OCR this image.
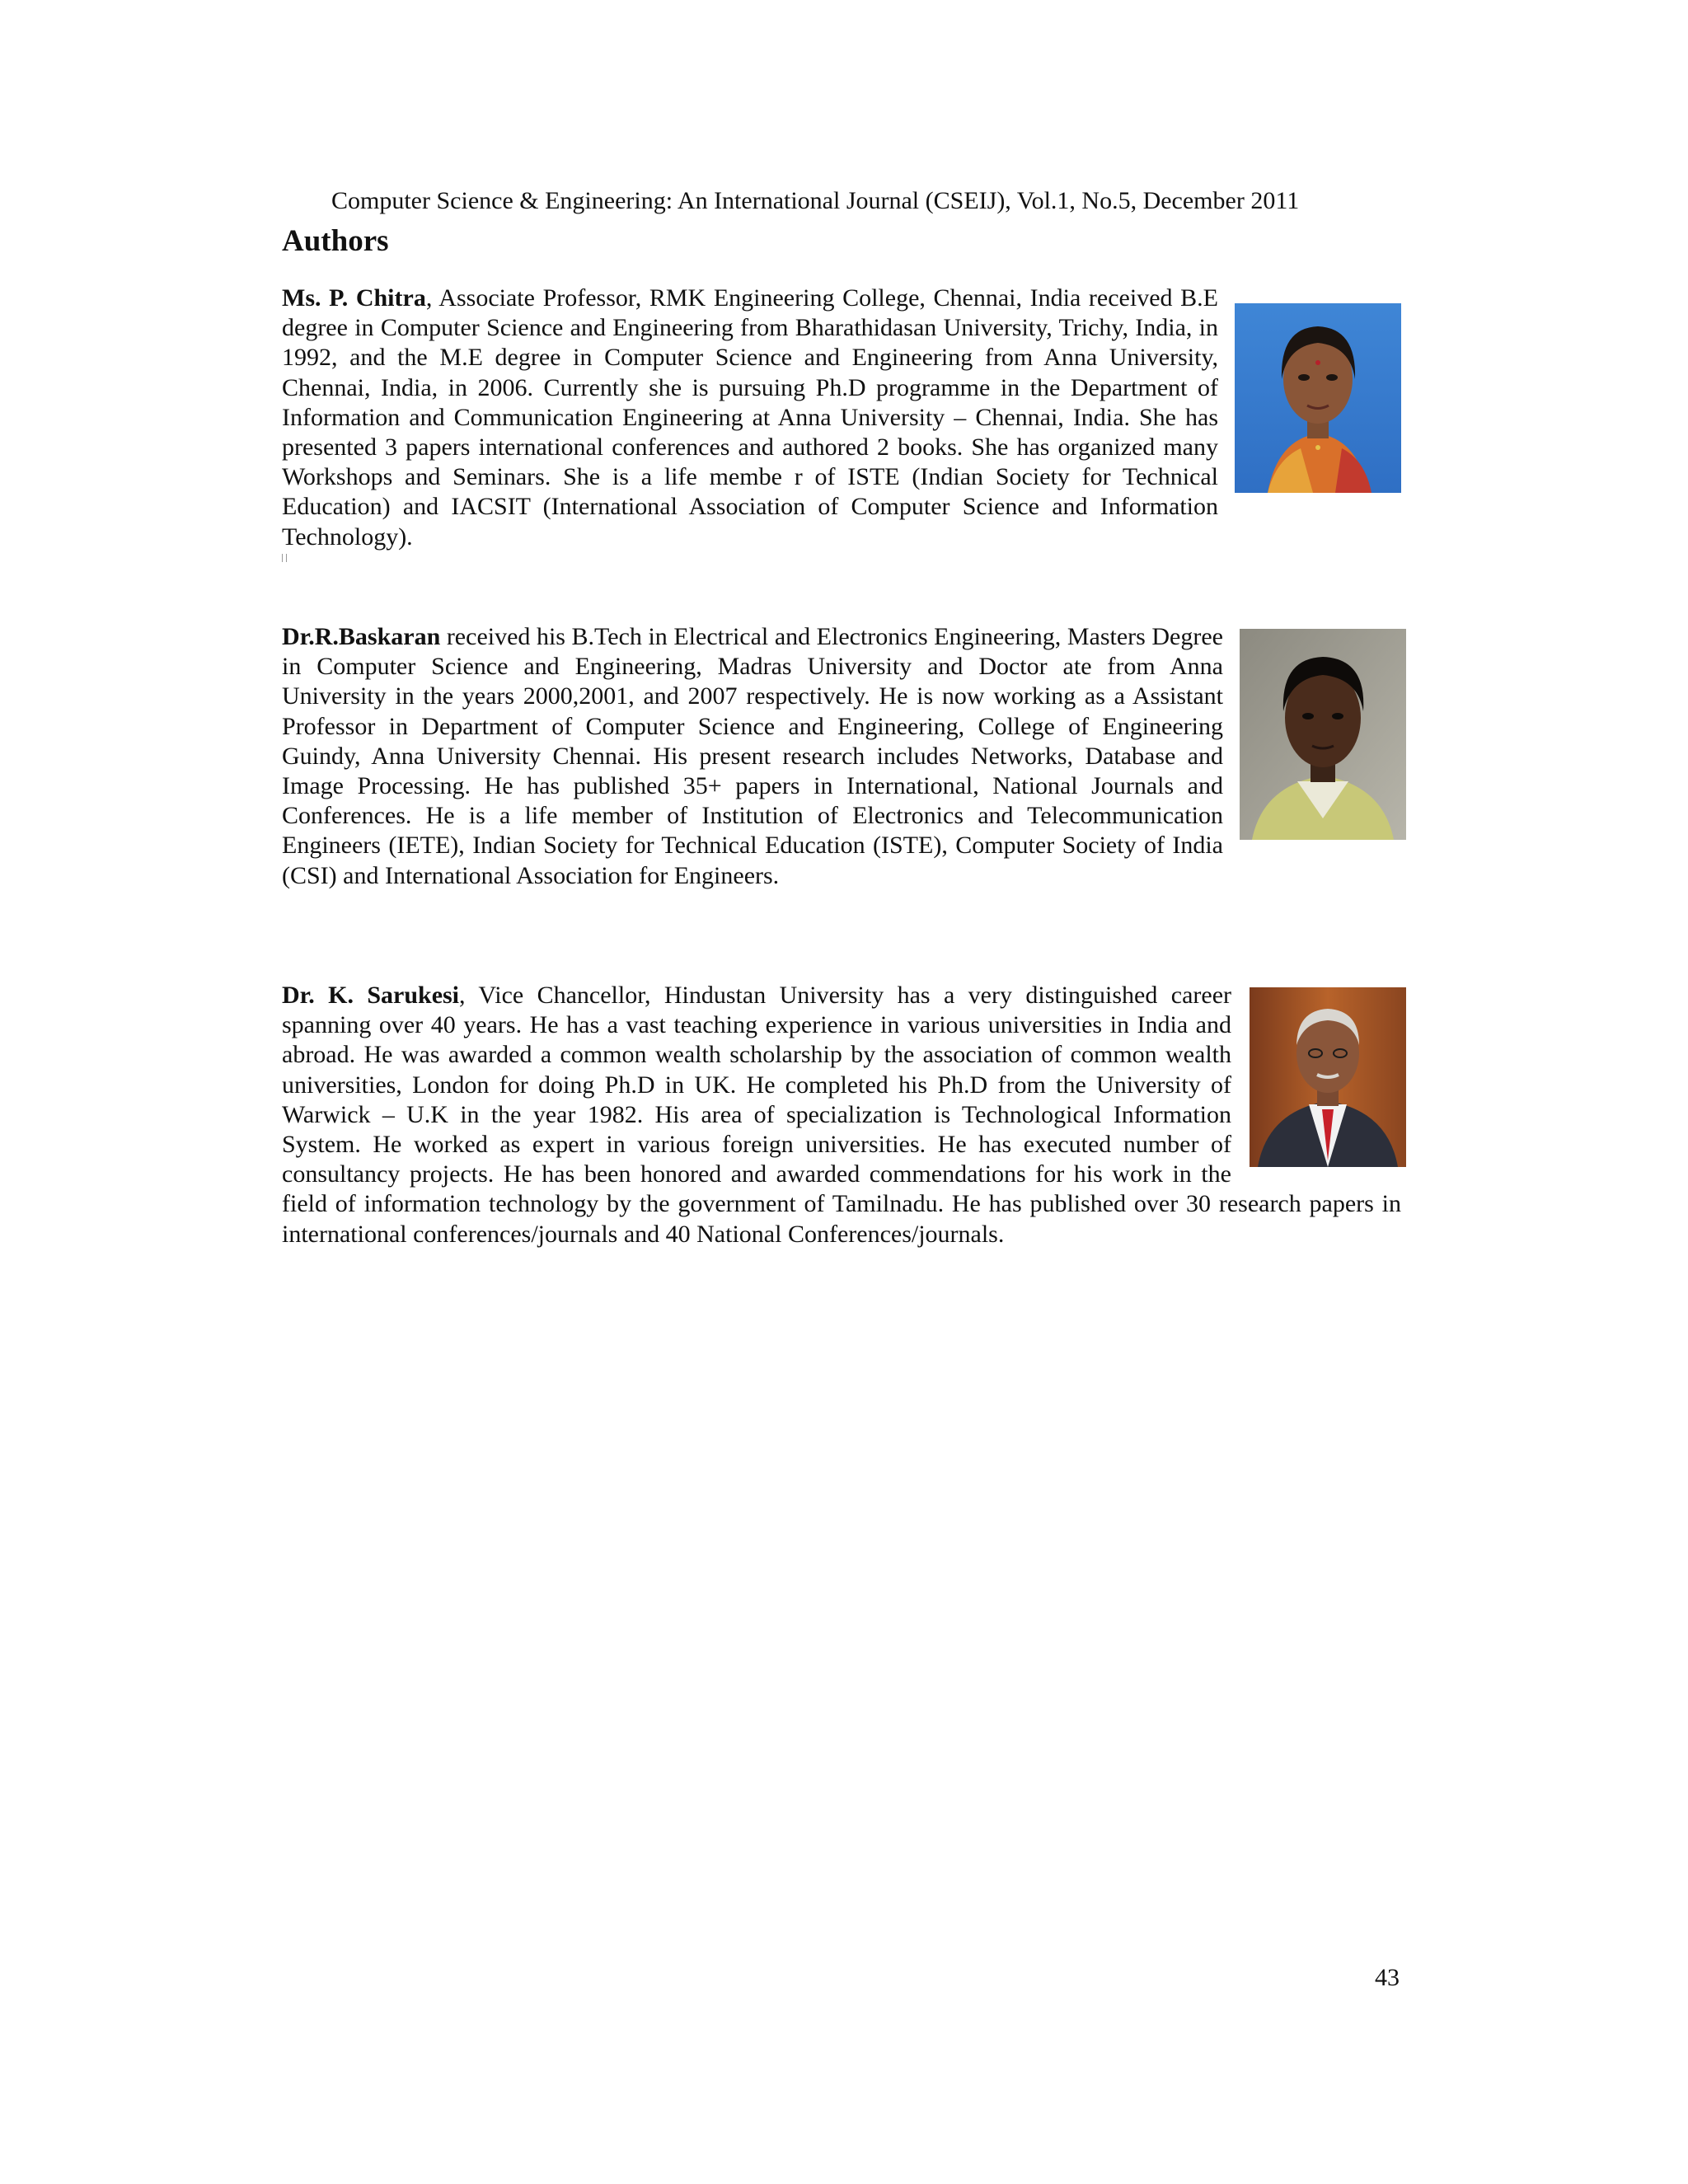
Computer Science & Engineering: An International Journal (CSEIJ), Vol.1, No.5, December 2011
Authors
Ms. P. Chitra, Associate Professor, RMK Engineering College, Chennai, India received B.E degree in Computer Science and Engineering from Bharathidasan University, Trichy, India, in 1992, and the M.E degree in Computer Science and Engineering from Anna University, Chennai, India, in 2006. Currently she is pursuing Ph.D programme in the Department of Information and Communication Engineering at Anna University – Chennai, India. She has presented 3 papers international conferences and authored 2 books. She has organized many Workshops and Seminars. She is a life membe r of ISTE (Indian Society for Technical Education) and IACSIT (International Association of Computer Science and Information Technology).
Dr.R.Baskaran received his B.Tech in Electrical and Electronics Engineering, Masters Degree in Computer Science and Engineering, Madras University and Doctor ate from Anna University in the years 2000,2001, and 2007 respectively. He is now working as a Assistant Professor in Department of Computer Science and Engineering, College of Engineering Guindy, Anna University Chennai. His present research includes Networks, Database and Image Processing. He has published 35+ papers in International, National Journals and Conferences. He is a life member of Institution of Electronics and Telecommunication Engineers (IETE), Indian Society for Technical Education (ISTE), Computer Society of India (CSI) and International Association for Engineers.
Dr. K. Sarukesi, Vice Chancellor, Hindustan University has a very distinguished career spanning over 40 years. He has a vast teaching experience in various universities in India and abroad. He was awarded a common wealth scholarship by the association of common wealth universities, London for doing Ph.D in UK. He completed his Ph.D from the University of Warwick – U.K in the year 1982. His area of specialization is Technological Information System. He worked as expert in various foreign universities. He has executed number of consultancy projects. He has been honored and awarded commendations for his work in the field of information technology by the government of Tamilnadu. He has published over 30 research papers in international conferences/journals and 40 National Conferences/journals.
43
